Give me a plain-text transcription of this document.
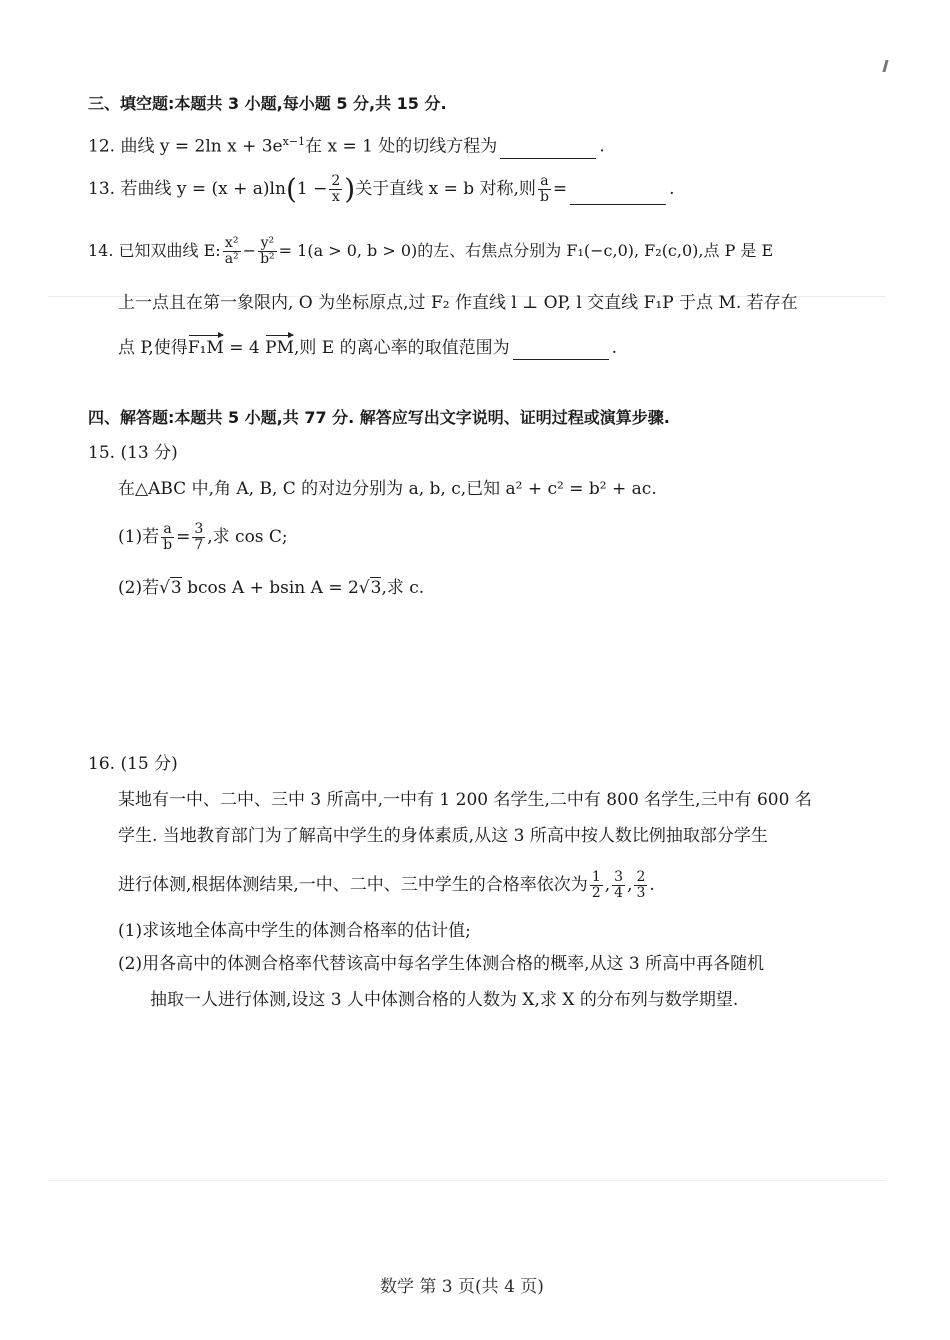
三、填空题:本题共 3 小题,每小题 5 分,共 15 分.
12. 曲线 y = 2ln $x + 3e^{x-1}$在 x = 1 处的切线方程为	.
13. 若曲线 $y = (x + a)\ln(1 - \frac{2}{x}$ )关于直线 x = b 对称,则 $\frac{a}{b}$ =	.
14. 已知双曲线 E: $\frac{\text{x²}}{\text{a²}} - \frac{\text{y²}}{\text{b²}} = 1(a > 0$, b > 0)的左、右焦点分别为 F₁(−c,0), F₂(c,0),点 P 是 E
上一点且在第一象限内, O 为坐标原点,过 F₂ 作直线 l ⊥ OP, l 交直线 F₁P 于点 M. 若存在
点 P,使得F₁M = 4 PM,则 E 的离心率的取值范围为	.
四、解答题:本题共 5 小题,共 77 分. 解答应写出文字说明、证明过程或演算步骤.
15. (13 分)
在△ABC 中,角 A, B, C 的对边分别为 a, b, c,已知 a² + c² = b² + ac.
(1)若 $\frac{a}{b} = \frac{3}{7}$ ,求 cos C;
(2)若√3 bcos A + bsin A = 2√3,求 c.
16. (15 分)
某地有一中、二中、三中 3 所高中,一中有 1 200 名学生,二中有 800 名学生,三中有 600 名
学生. 当地教育部门为了解高中学生的身体素质,从这 3 所高中按人数比例抽取部分学生
进行体测,根据体测结果,一中、二中、三中学生的合格率依次为 $\frac{1}{2}$ , $\frac{3}{4}$ , $\frac{2}{3}$ .
(1)求该地全体高中学生的体测合格率的估计值;
(2)用各高中的体测合格率代替该高中每名学生体测合格的概率,从这 3 所高中再各随机
抽取一人进行体测,设这 3 人中体测合格的人数为 X,求 X 的分布列与数学期望.
数学 第 3 页(共 4 页)
